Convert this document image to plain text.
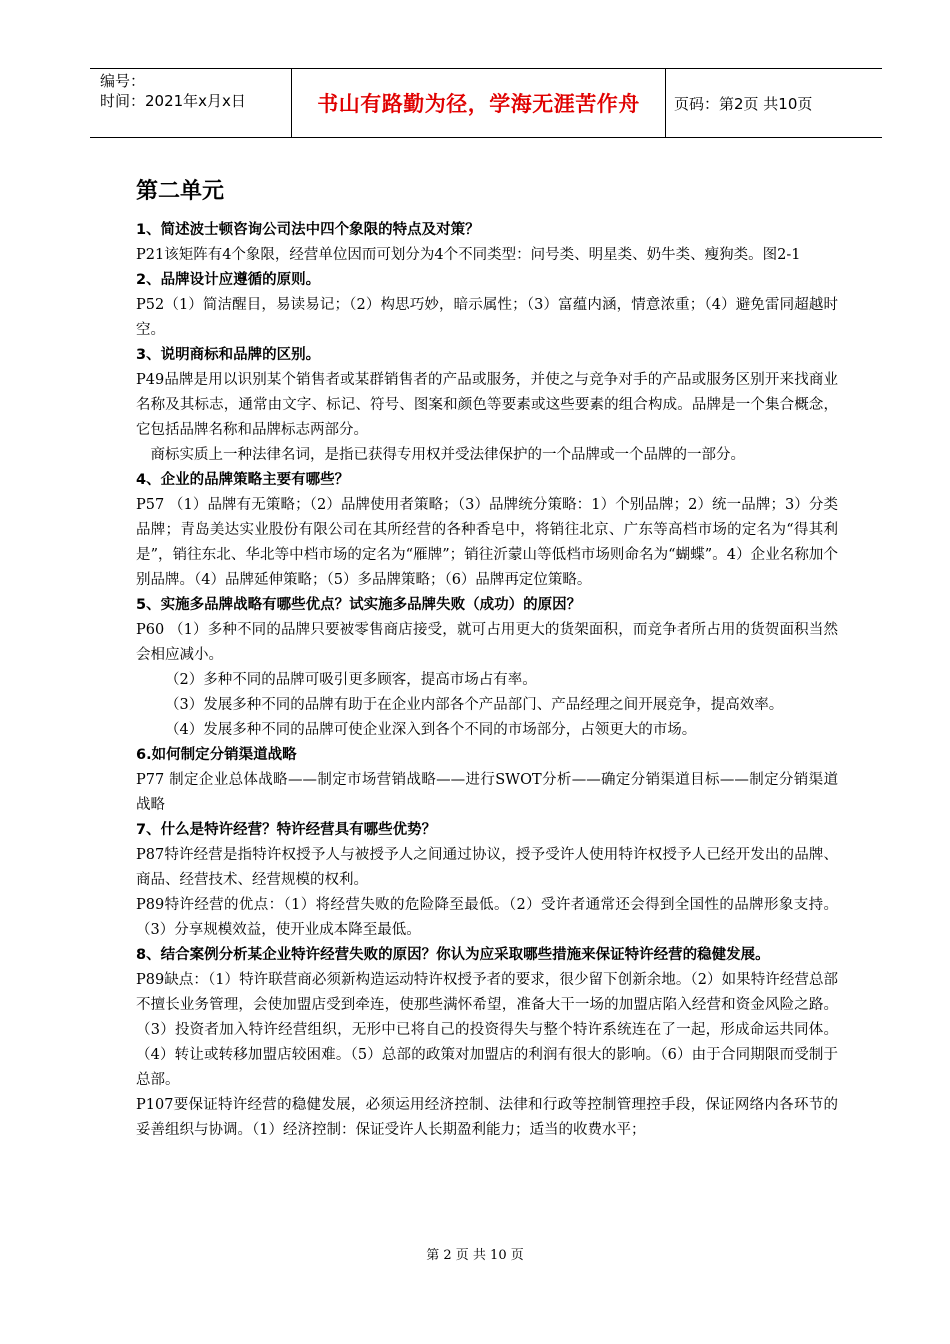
编号：
时间：2021年x月x日	书山有路勤为径，学海无涯苦作舟	页码：第2页 共10页
第二单元
1、简述波士顿咨询公司法中四个象限的特点及对策？
P21该矩阵有4个象限，经营单位因而可划分为4个不同类型：问号类、明星类、奶牛类、瘦狗类。图2-1
2、品牌设计应遵循的原则。
P52（1）简洁醒目，易读易记；（2）构思巧妙，暗示属性；（3）富蕴内涵，情意浓重；（4）避免雷同超越时空。
3、说明商标和品牌的区别。
P49品牌是用以识别某个销售者或某群销售者的产品或服务，并使之与竞争对手的产品或服务区别开来找商业名称及其标志，通常由文字、标记、符号、图案和颜色等要素或这些要素的组合构成。品牌是一个集合概念，它包括品牌名称和品牌标志两部分。
商标实质上一种法律名词，是指已获得专用权并受法律保护的一个品牌或一个品牌的一部分。
4、企业的品牌策略主要有哪些？
P57 （1）品牌有无策略；（2）品牌使用者策略；（3）品牌统分策略：1）个别品牌；2）统一品牌；3）分类品牌；青岛美达实业股份有限公司在其所经营的各种香皂中，将销往北京、广东等高档市场的定名为“得其利是”，销往东北、华北等中档市场的定名为“雁牌”；销往沂蒙山等低档市场则命名为“蝴蝶”。4）企业名称加个别品牌。（4）品牌延伸策略；（5）多品牌策略；（6）品牌再定位策略。
5、实施多品牌战略有哪些优点？试实施多品牌失败（成功）的原因？
P60 （1）多种不同的品牌只要被零售商店接受，就可占用更大的货架面积，而竞争者所占用的货贺面积当然会相应减小。
（2）多种不同的品牌可吸引更多顾客，提高市场占有率。
（3）发展多种不同的品牌有助于在企业内部各个产品部门、产品经理之间开展竞争，提高效率。
（4）发展多种不同的品牌可使企业深入到各个不同的市场部分，占领更大的市场。
6.如何制定分销渠道战略
P77 制定企业总体战略——制定市场营销战略——进行SWOT分析——确定分销渠道目标——制定分销渠道战略
7、什么是特许经营？特许经营具有哪些优势？
P87特许经营是指特许权授予人与被授予人之间通过协议，授予受许人使用特许权授予人已经开发出的品牌、商品、经营技术、经营规模的权利。
P89特许经营的优点：（1）将经营失败的危险降至最低。（2）受许者通常还会得到全国性的品牌形象支持。（3）分享规模效益，使开业成本降至最低。
8、结合案例分析某企业特许经营失败的原因？你认为应采取哪些措施来保证特许经营的稳健发展。
P89缺点：（1）特许联营商必须新构造运动特许权授予者的要求，很少留下创新余地。（2）如果特许经营总部不擅长业务管理，会使加盟店受到牵连，使那些满怀希望，准备大干一场的加盟店陷入经营和资金风险之路。（3）投资者加入特许经营组织，无形中已将自己的投资得失与整个特许系统连在了一起，形成命运共同体。（4）转让或转移加盟店较困难。（5）总部的政策对加盟店的利润有很大的影响。（6）由于合同期限而受制于总部。
P107要保证特许经营的稳健发展，必须运用经济控制、法律和行政等控制管理控手段，保证网络内各环节的妥善组织与协调。（1）经济控制：保证受许人长期盈利能力；适当的收费水平；
第 2 页 共 10 页
